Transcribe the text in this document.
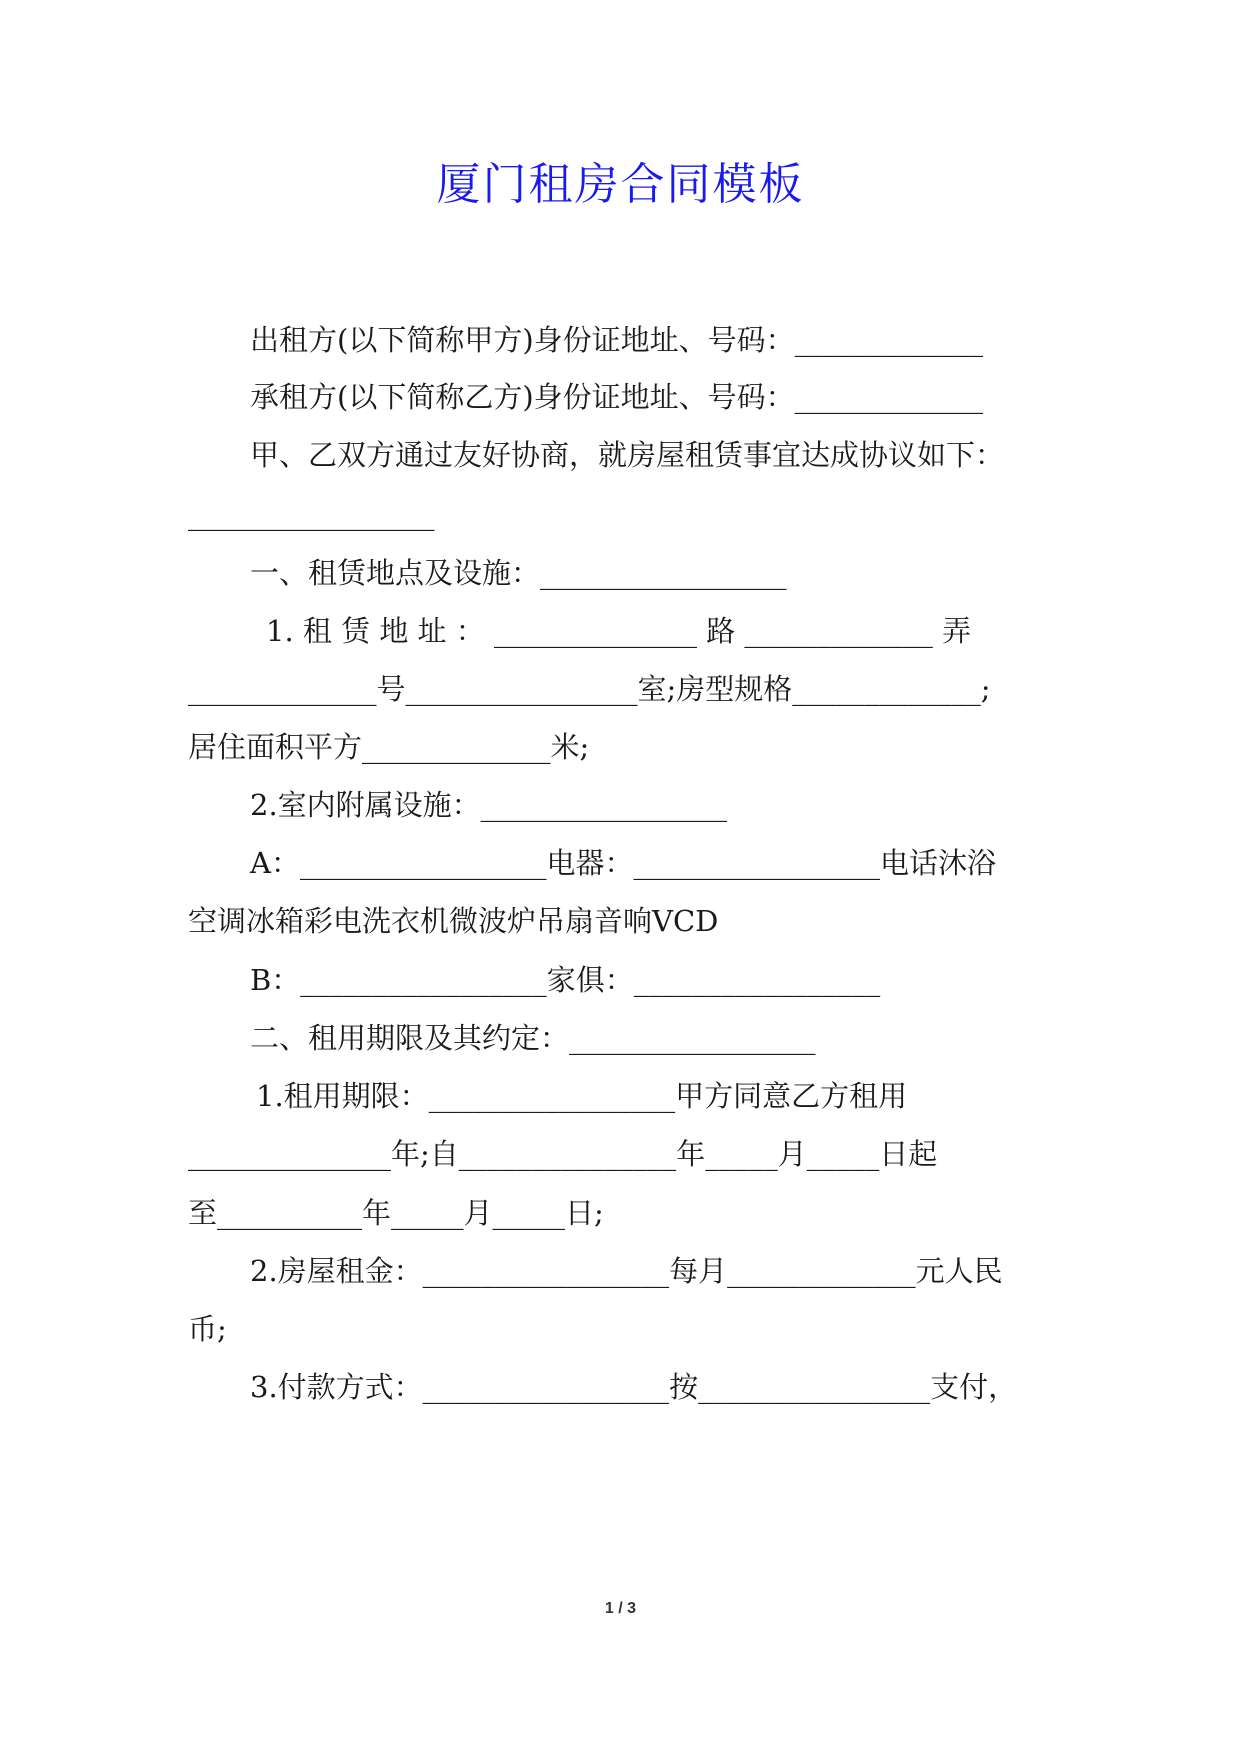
厦门租房合同模板
出租方(以下简称甲方)身份证地址、号码：_____________
承租方(以下简称乙方)身份证地址、号码：_____________
甲、乙双方通过友好协商，就房屋租赁事宜达成协议如下：
_________________
一、租赁地点及设施：_________________
1. 租 赁 地 址 ： ______________ 路 _____________ 弄
_____________号________________室;房型规格_____________;
居住面积平方_____________米;
2.室内附属设施：_________________
A：_________________电器：_________________电话沐浴
空调冰箱彩电洗衣机微波炉吊扇音响VCD
B：_________________家俱：_________________
二、租用期限及其约定：_________________
1.租用期限：_________________甲方同意乙方租用
______________年;自_______________年_____月_____日起
至__________年_____月_____日;
2.房屋租金：_________________每月_____________元人民
币;
3.付款方式：_________________按________________支付，
1 / 3
